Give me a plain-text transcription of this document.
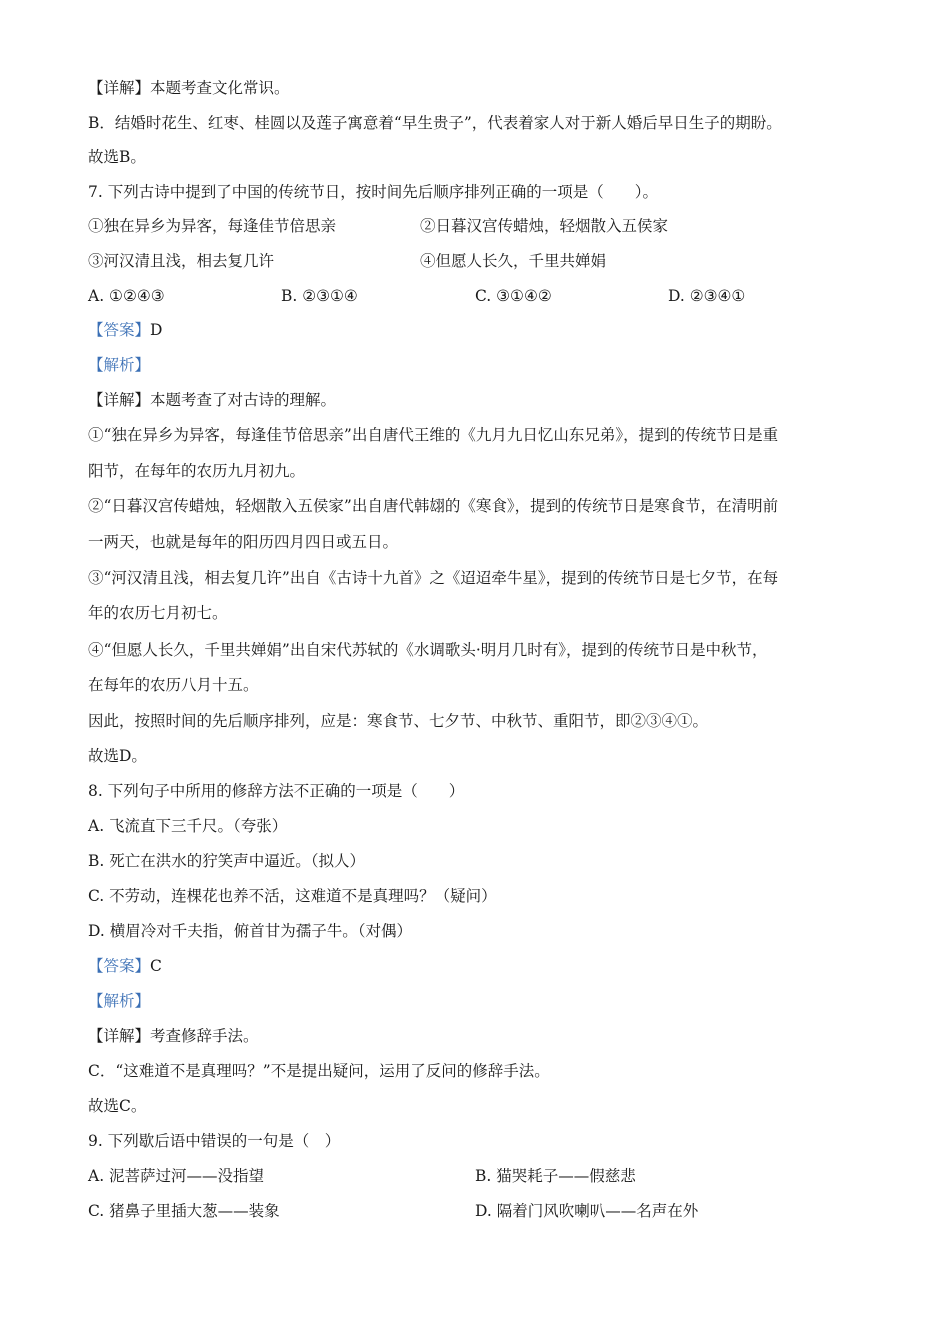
【详解】本题考查文化常识。
B．结婚时花生、红枣、桂圆以及莲子寓意着“早生贵子”，代表着家人对于新人婚后早日生子的期盼。
故选B。
7. 下列古诗中提到了中国的传统节日，按时间先后顺序排列正确的一项是（　　）。
①独在异乡为异客，每逢佳节倍思亲	②日暮汉宫传蜡烛，轻烟散入五侯家
③河汉清且浅，相去复几许	④但愿人长久，千里共婵娟
A. ①②④③	B. ②③①④	C. ③①④②	D. ②③④①
【答案】D
【解析】
【详解】本题考查了对古诗的理解。
①“独在异乡为异客，每逢佳节倍思亲”出自唐代王维的《九月九日忆山东兄弟》，提到的传统节日是重
阳节，在每年的农历九月初九。
②“日暮汉宫传蜡烛，轻烟散入五侯家”出自唐代韩翃的《寒食》，提到的传统节日是寒食节，在清明前
一两天，也就是每年的阳历四月四日或五日。
③“河汉清且浅，相去复几许”出自《古诗十九首》之《迢迢牵牛星》，提到的传统节日是七夕节，在每
年的农历七月初七。
④“但愿人长久，千里共婵娟”出自宋代苏轼的《水调歌头·明月几时有》，提到的传统节日是中秋节，
在每年的农历八月十五。
因此，按照时间的先后顺序排列，应是：寒食节、七夕节、中秋节、重阳节，即②③④①。
故选D。
8. 下列句子中所用的修辞方法不正确的一项是（　　）
A. 飞流直下三千尺。（夸张）
B. 死亡在洪水的狞笑声中逼近。（拟人）
C. 不劳动，连棵花也养不活，这难道不是真理吗？（疑问）
D. 横眉冷对千夫指，俯首甘为孺子牛。（对偶）
【答案】C
【解析】
【详解】考查修辞手法。
C．“这难道不是真理吗？”不是提出疑问，运用了反问的修辞手法。
故选C。
9. 下列歇后语中错误的一句是（　）
A. 泥菩萨过河——没指望	B. 猫哭耗子——假慈悲
C. 猪鼻子里插大葱——装象	D. 隔着门风吹喇叭——名声在外
